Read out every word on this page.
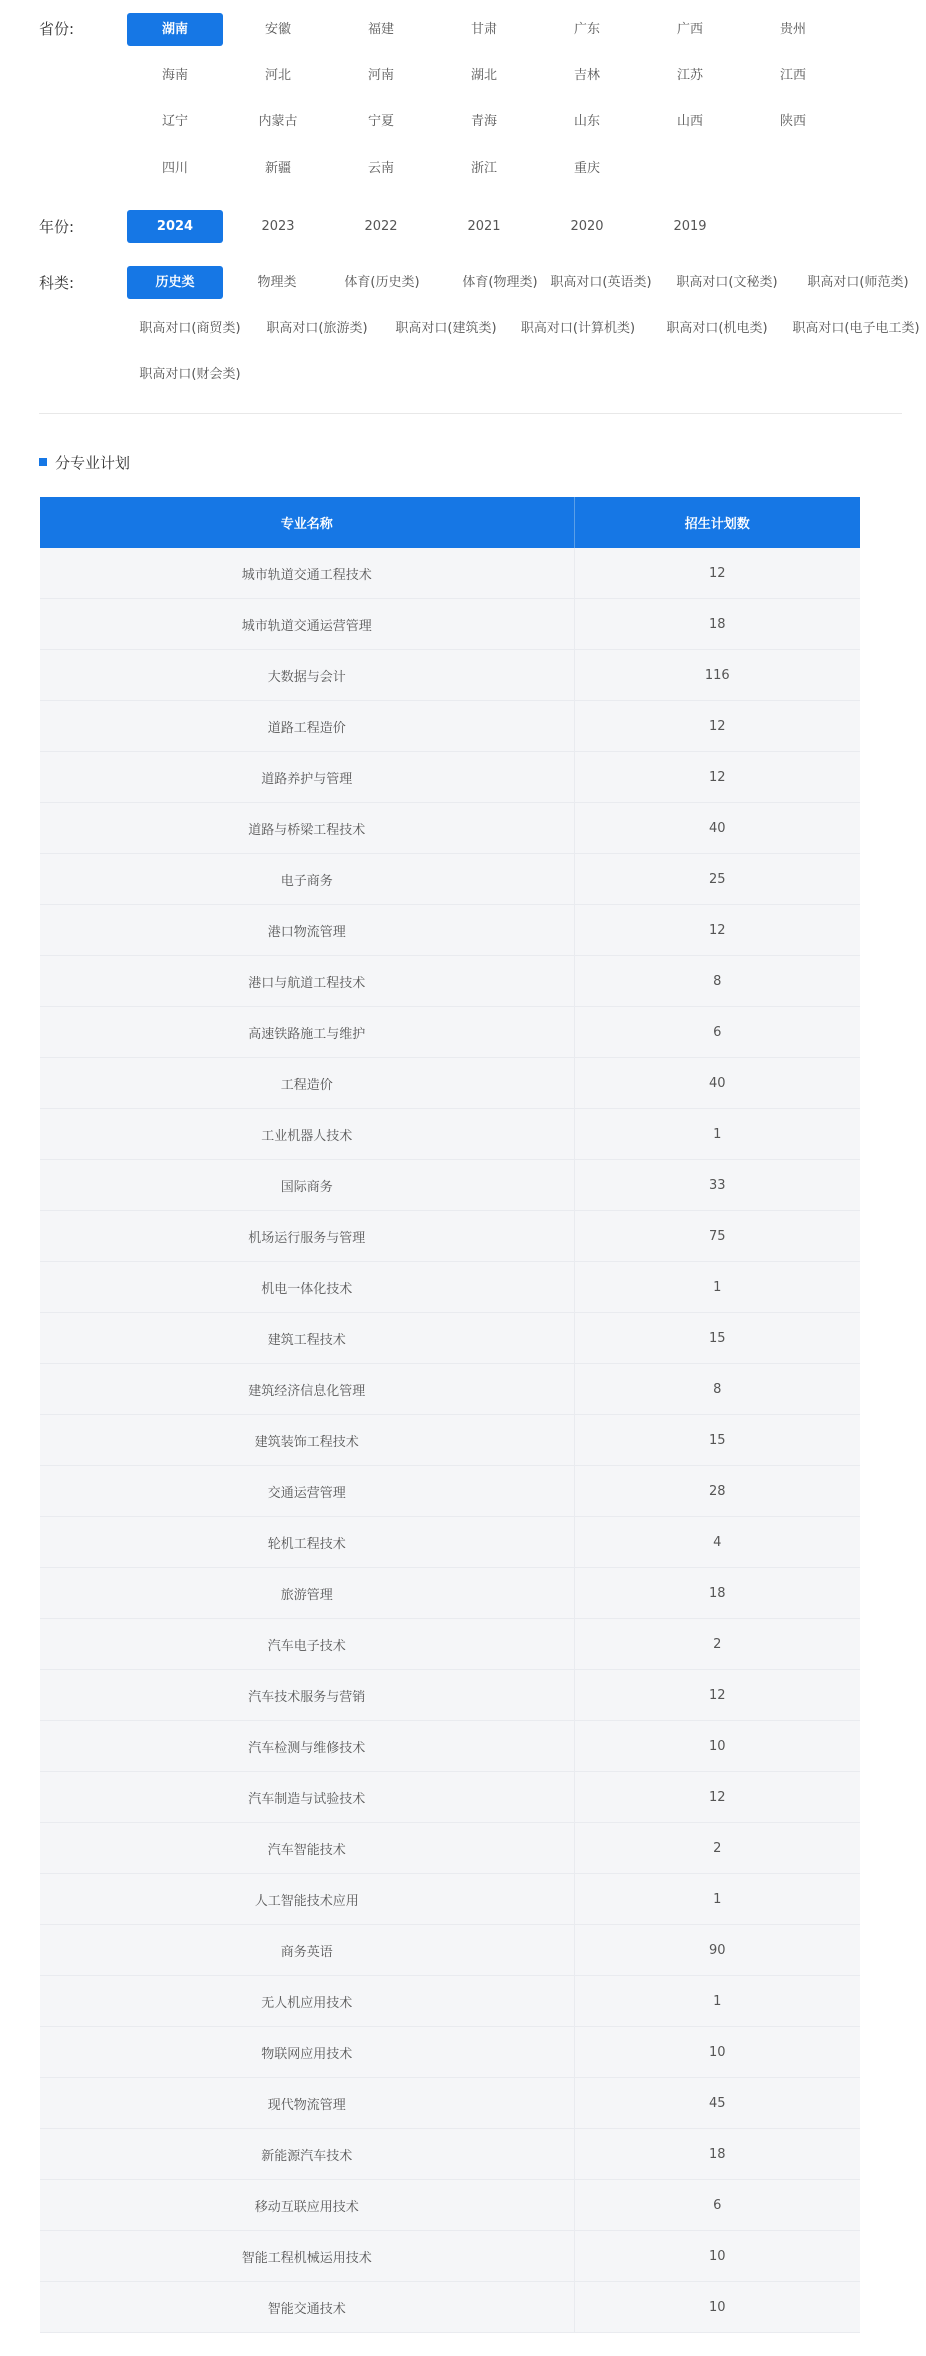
省份:	湖南	安徽	福建	甘肃	广东	广西	贵州
海南	河北	河南	湖北	吉林	江苏	江西
辽宁	内蒙古	宁夏	青海	山东	山西	陕西
四川	新疆	云南	浙江	重庆
年份:	2024	2023	2022	2021	2020	2019
科类:	历史类	物理类	体育(历史类)	体育(物理类) 职高对口(英语类)	职高对口(文秘类)	职高对口(师范类)
职高对口(商贸类)	职高对口(旅游类)	职高对口(建筑类)	职高对口(计算机类)	职高对口(机电类)	职高对口(电子电工类)
职高对口(财会类)
分专业计划
专业名称	招生计划数
城市轨道交通工程技术	12
城市轨道交通运营管理	18
大数据与会计	116
道路工程造价	12
道路养护与管理	12
道路与桥梁工程技术	40
电子商务	25
港口物流管理	12
港口与航道工程技术	8
高速铁路施工与维护	6
工程造价	40
工业机器人技术	1
国际商务	33
机场运行服务与管理	75
机电一体化技术	1
建筑工程技术	15
建筑经济信息化管理	8
建筑装饰工程技术	15
交通运营管理	28
轮机工程技术	4
旅游管理	18
汽车电子技术	2
汽车技术服务与营销	12
汽车检测与维修技术	10
汽车制造与试验技术	12
汽车智能技术	2
人工智能技术应用	1
商务英语	90
无人机应用技术	1
物联网应用技术	10
现代物流管理	45
新能源汽车技术	18
移动互联应用技术	6
智能工程机械运用技术	10
智能交通技术	10
